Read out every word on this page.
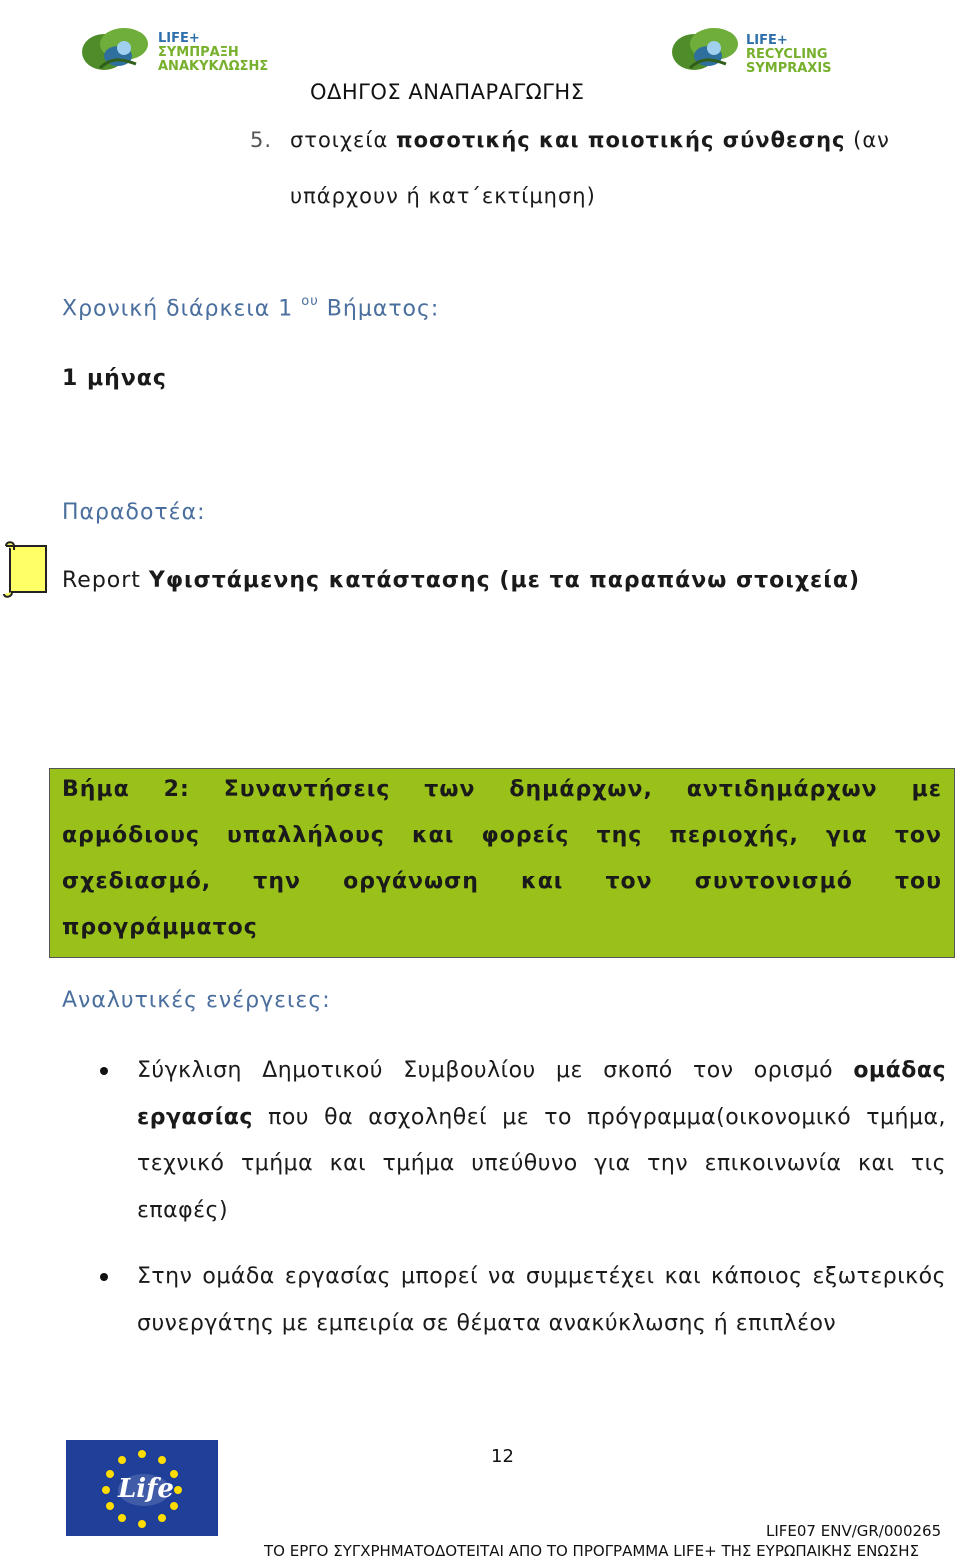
LIFE+
ΣΥΜΠΡΑΞΗ
ΑΝΑΚΥΚΛΩΣΗΣ
LIFE+
RECYCLING
SYMPRAXIS
ΟΔΗΓΟΣ ΑΝΑΠΑΡΑΓΩΓΗΣ
5. στοιχεία ποσοτικής και ποιοτικής σύνθεσης (αν
υπάρχουν ή κατ΄εκτίμηση)
Χρονική διάρκεια 1 $^{o\upsilon}$ Βήματος:
1 μήνας
Παραδοτέα:
Report Υφιστάμενης κατάστασης (με τα παραπάνω στοιχεία)
Βήμα 2: Συναντήσεις των δημάρχων, αντιδημάρχων με
αρμόδιους υπαλλήλους και φορείς της περιοχής, για τον
σχεδιασμό, την οργάνωση και τον συντονισμό του
προγράμματος
Αναλυτικές ενέργειες:
Σύγκλιση Δημοτικού Συμβουλίου με σκοπό τον ορισμό ομάδας εργασίας που θα ασχοληθεί με το πρόγραμμα(οικονομικό τμήμα, τεχνικό τμήμα και τμήμα υπεύθυνο για την επικοινωνία και τις επαφές)
Στην ομάδα εργασίας μπορεί να συμμετέχει και κάποιος εξωτερικός συνεργάτης με εμπειρία σε θέματα ανακύκλωσης ή επιπλέον
Life
12
LIFE07 ENV/GR/000265
ΤΟ ΕΡΓΟ ΣΥΓΧΡΗΜΑΤΟΔΟΤΕΙΤΑΙ ΑΠΟ ΤΟ ΠΡΟΓΡΑΜΜΑ LIFE+ ΤΗΣ ΕΥΡΩΠΑΙΚΗΣ ΕΝΩΣΗΣ
